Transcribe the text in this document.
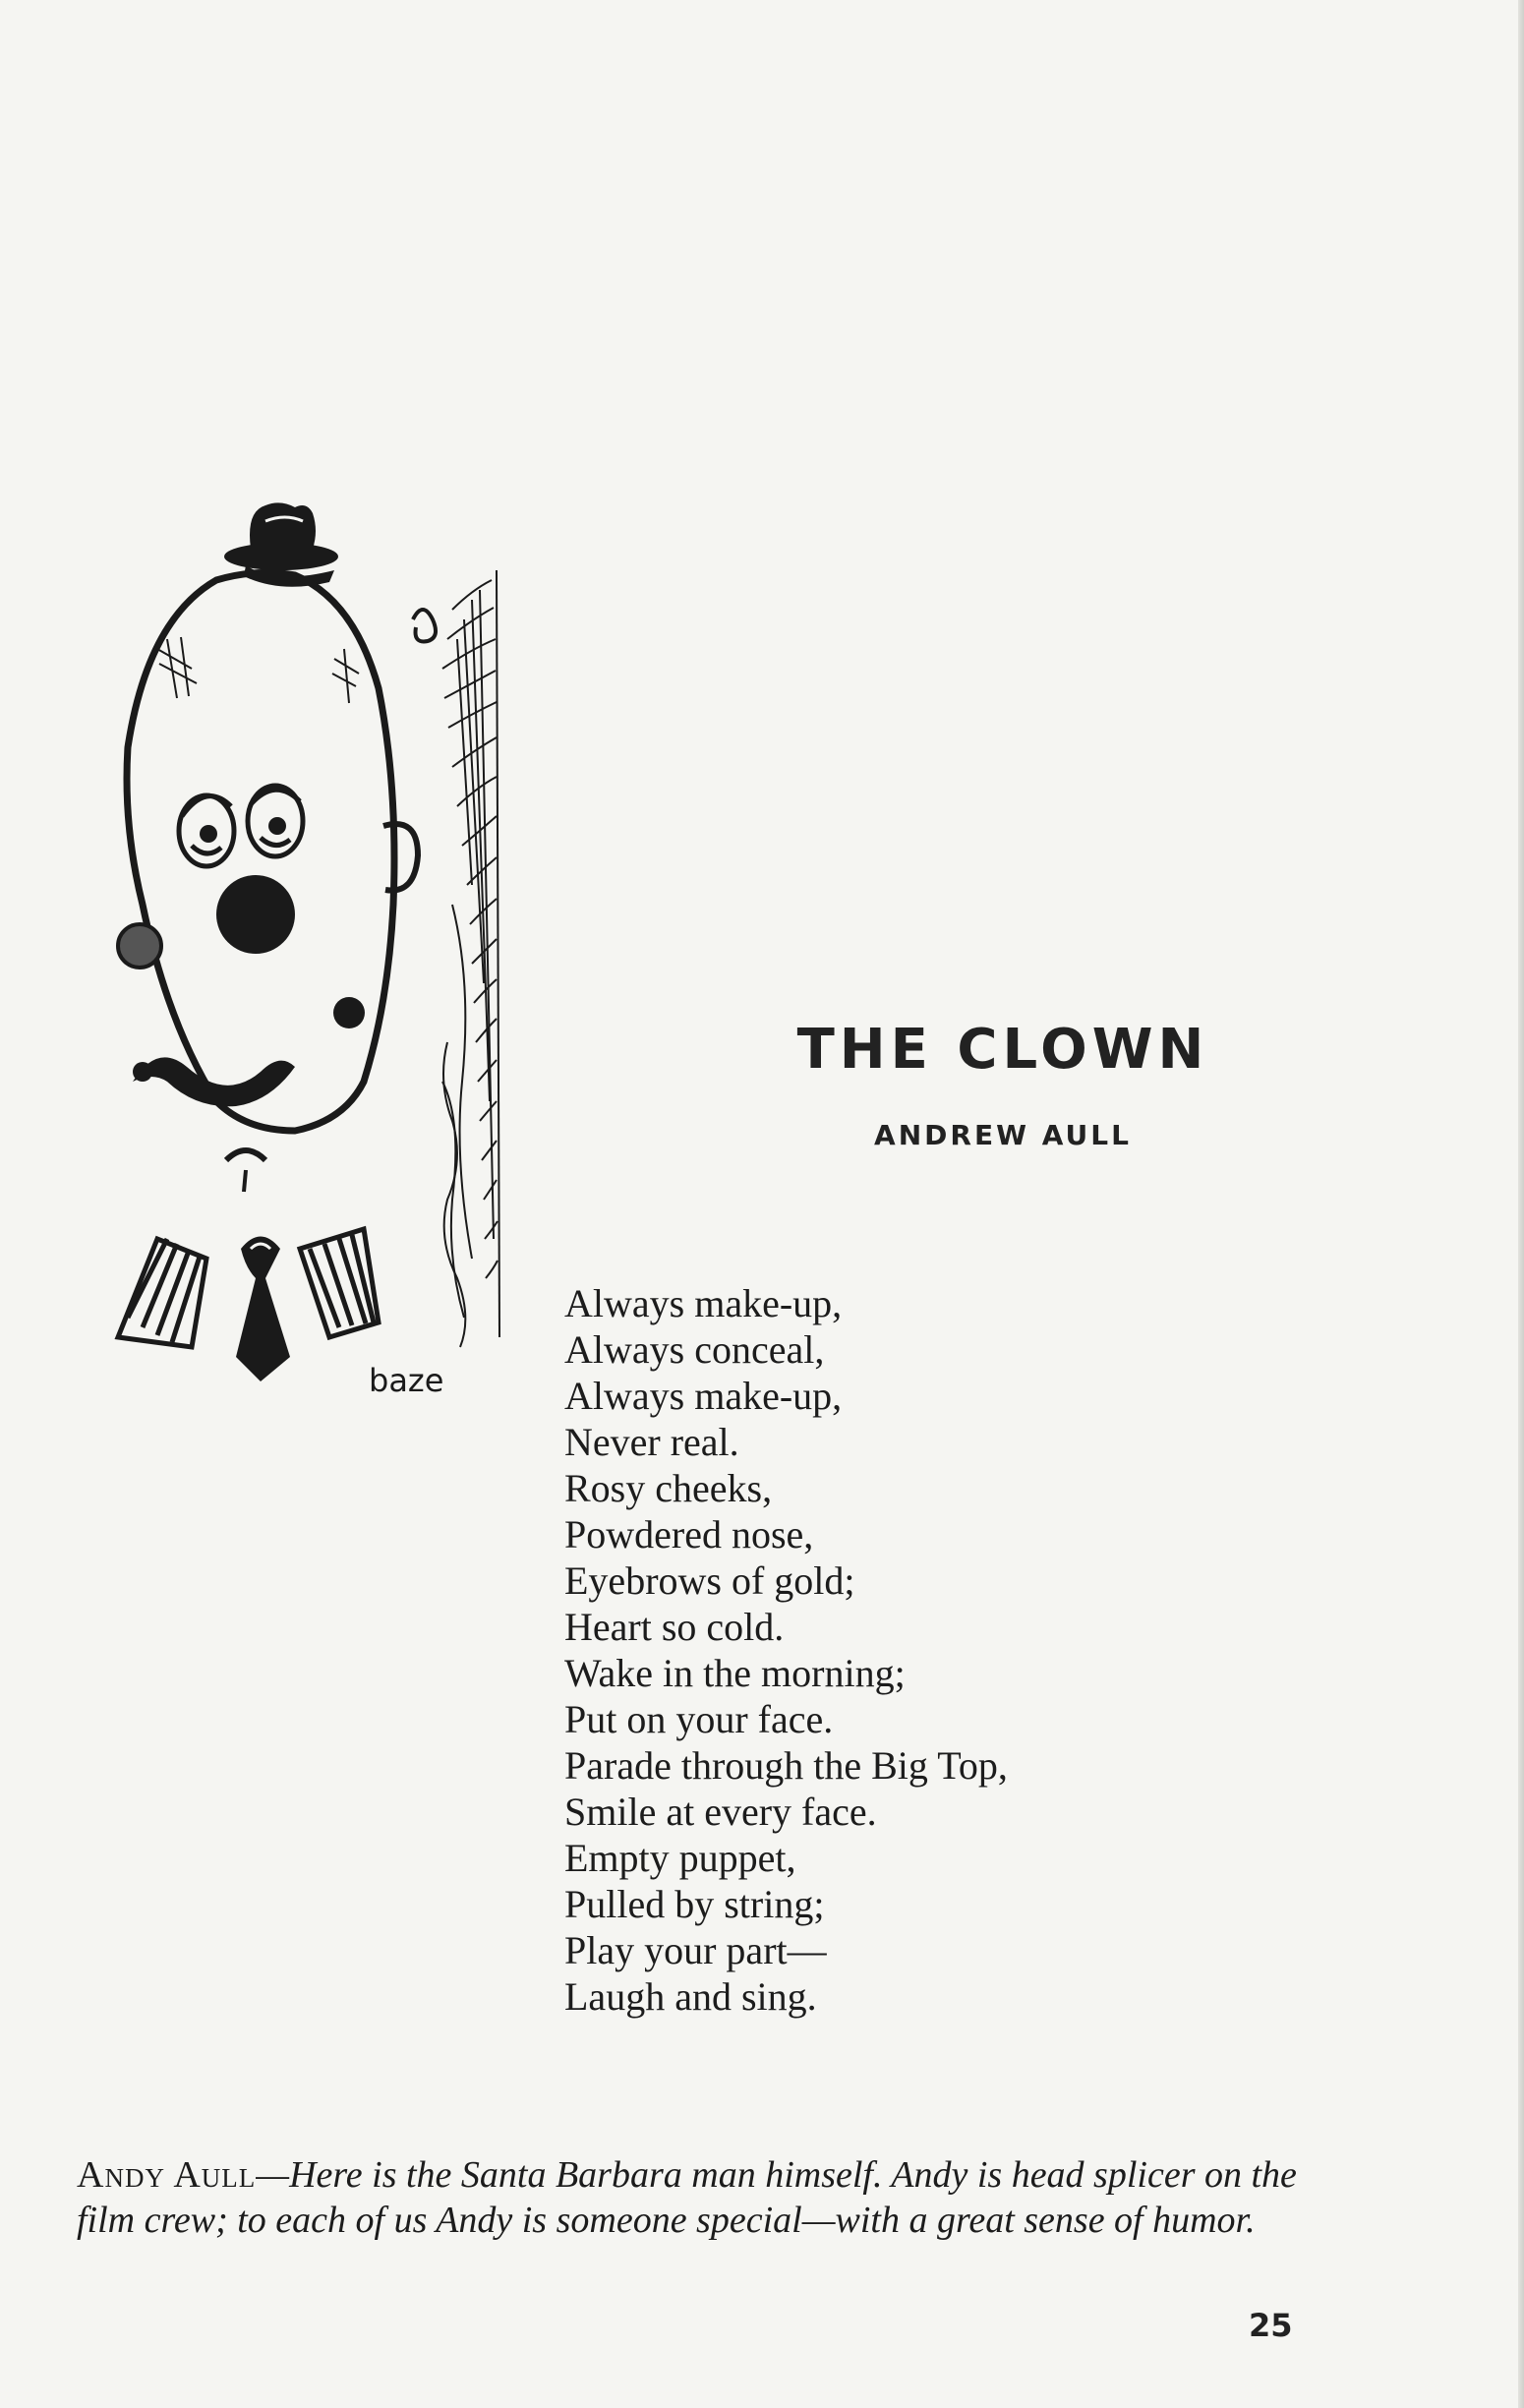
baze
THE CLOWN
ANDREW AULL
Always make-up,
Always conceal,
Always make-up,
Never real.
Rosy cheeks,
Powdered nose,
Eyebrows of gold;
Heart so cold.
Wake in the morning;
Put on your face.
Parade through the Big Top,
Smile at every face.
Empty puppet,
Pulled by string;
Play your part—
Laugh and sing.

Andy Aull—Here is the Santa Barbara man himself. Andy is head splicer on the film crew; to each of us Andy is someone special—with a great sense of humor.

25
